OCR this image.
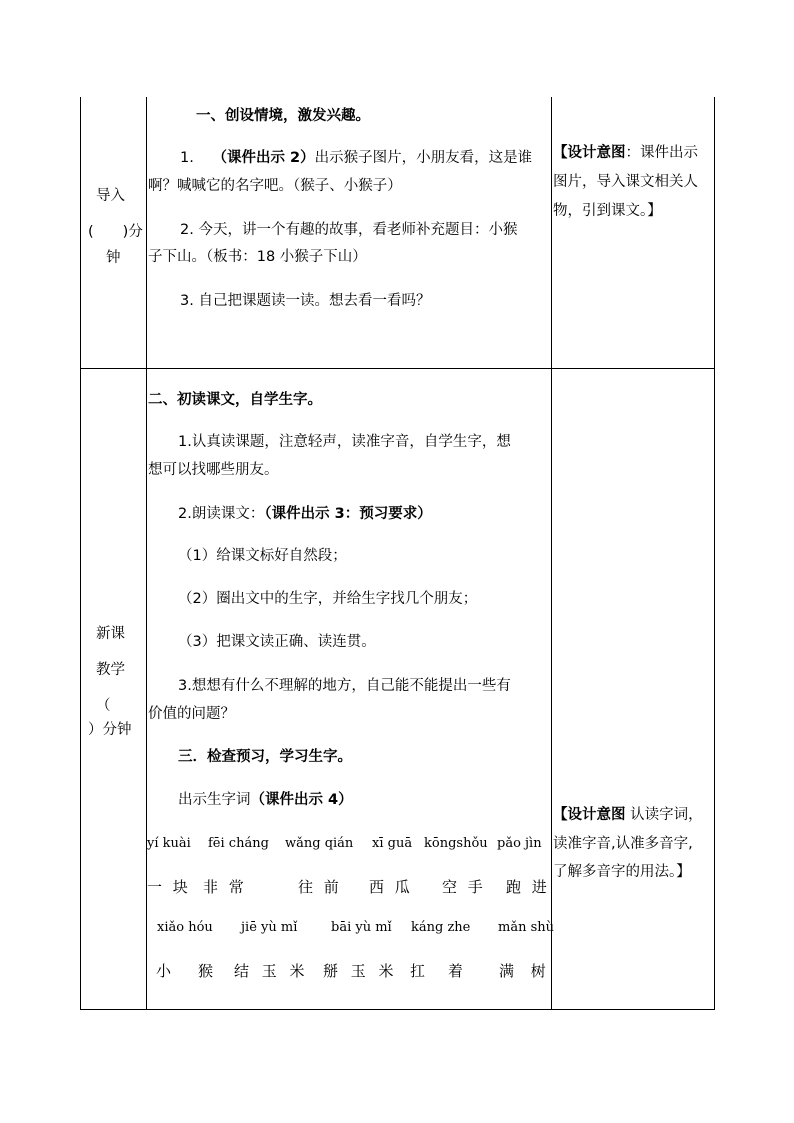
导入
(　　)分
钟
一、创设情境，激发兴趣。
1. （课件出示 2）出示猴子图片，小朋友看，这是谁
啊？喊喊它的名字吧。（猴子、小猴子）
2. 今天，讲一个有趣的故事，看老师补充题目：小猴
子下山。（板书：18 小猴子下山）
3. 自己把课题读一读。想去看一看吗？
【设计意图：课件出示
图片，导入课文相关人
物，引到课文。】
新课
教学
（
）分钟
二、初读课文，自学生字。
1.认真读课题，注意轻声，读准字音，自学生字，想
想可以找哪些朋友。
2.朗读课文：（课件出示 3：预习要求）
（1）给课文标好自然段；
（2）圈出文中的生字，并给生字找几个朋友；
（3）把课文读正确、读连贯。
3.想想有什么不理解的地方，自己能不能提出一些有
价值的问题？
三．检查预习，学习生字。
出示生字词（课件出示 4）
yí kuài fēi cháng wǎng qián xī guā kōngshǒu pǎo jìn
一 块 非 常	往 前 西 瓜 空 手 跑 进
xiǎo hóu jiē yù mǐ	bāi yù mǐ káng zhe mǎn shù
小　猴 结 玉 米 掰 玉 米 扛　着 满 树
【设计意图 认读字词，
读准字音,认准多音字,
了解多音字的用法。】
